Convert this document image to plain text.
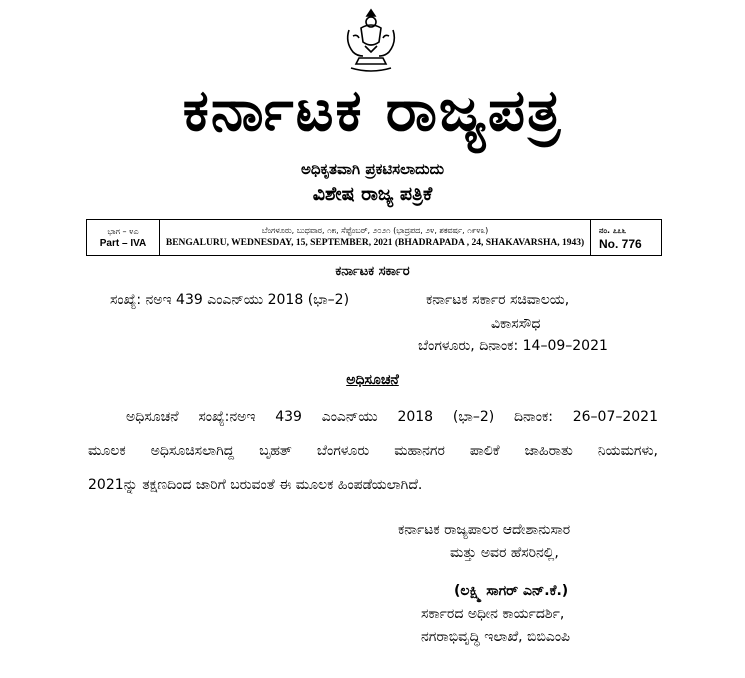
ಕರ್ನಾಟಕ ರಾಜ್ಯಪತ್ರ
ಅಧಿಕೃತವಾಗಿ ಪ್ರಕಟಿಸಲಾದುದು
ವಿಶೇಷ ರಾಜ್ಯ ಪತ್ರಿಕೆ
ಭಾಗ – ೪ಎ
Part – IVA
ಬೆಂಗಳೂರು, ಬುಧವಾರ, ೧೫, ಸೆಪ್ಟೆಂಬರ್, ೨೦೨೧ (ಭಾದ್ರಪದ, ೨೪, ಶಕವರ್ಷ, ೧೯೪೩)
BENGALURU, WEDNESDAY, 15, SEPTEMBER, 2021 (BHADRAPADA , 24, SHAKAVARSHA, 1943)
ನಂ. ೭೭೬
No. 776
ಕರ್ನಾಟಕ ಸರ್ಕಾರ
ಸಂಖ್ಯೆ: ನಅಇ 439 ಎಂಎನ್‌ಯು 2018 (ಭಾ–2)	ಕರ್ನಾಟಕ ಸರ್ಕಾರ ಸಚಿವಾಲಯ,
ವಿಕಾಸಸೌಧ
ಬೆಂಗಳೂರು, ದಿನಾಂಕ: 14–09–2021
ಅಧಿಸೂಚನೆ
ಅಧಿಸೂಚನೆ ಸಂಖ್ಯೆ:ನಅಇ 439 ಎಂಎನ್‌ಯು 2018 (ಭಾ–2) ದಿನಾಂಕ: 26–07–2021
ಮೂಲಕ ಅಧಿಸೂಚಿಸಲಾಗಿದ್ದ ಬೃಹತ್ ಬೆಂಗಳೂರು ಮಹಾನಗರ ಪಾಲಿಕೆ ಜಾಹಿರಾತು ನಿಯಮಗಳು,
2021ನ್ನು ತಕ್ಷಣದಿಂದ ಜಾರಿಗೆ ಬರುವಂತೆ ಈ ಮೂಲಕ ಹಿಂಪಡೆಯಲಾಗಿದೆ.
ಕರ್ನಾಟಕ ರಾಜ್ಯಪಾಲರ ಆದೇಶಾನುಸಾರ
ಮತ್ತು ಅವರ ಹೆಸರಿನಲ್ಲಿ,
(ಲಕ್ಷ್ಮಿ ಸಾಗರ್ ಎನ್.ಕೆ.)
ಸರ್ಕಾರದ ಅಧೀನ ಕಾರ್ಯದರ್ಶಿ,
ನಗರಾಭಿವೃದ್ಧಿ ಇಲಾಖೆ, ಬಿಬಿಎಂಪಿ
